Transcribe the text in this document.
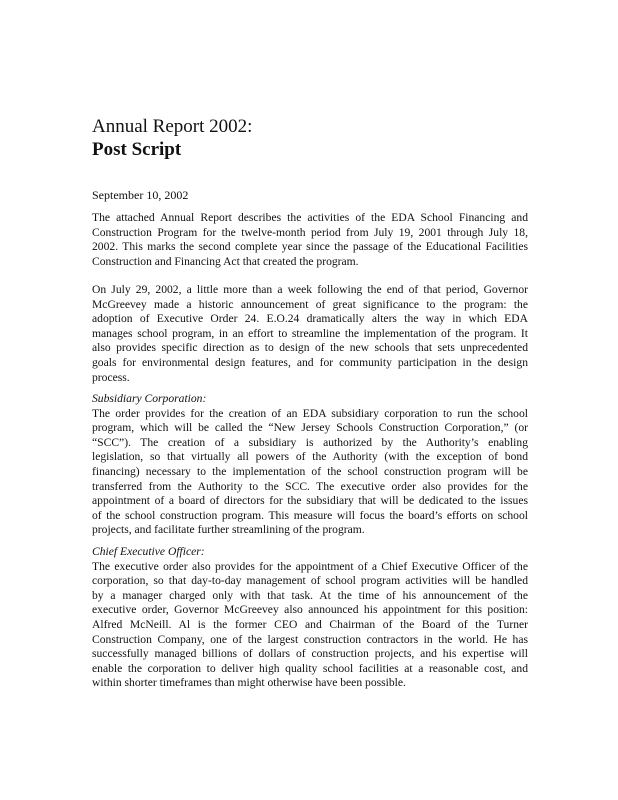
Annual Report 2002:
Post Script
September 10, 2002
The attached Annual Report describes the activities of the EDA School Financing and
Construction Program for the twelve-month period from July 19, 2001 through July 18,
2002. This marks the second complete year since the passage of the Educational Facilities
Construction and Financing Act that created the program.
On July 29, 2002, a little more than a week following the end of that period, Governor
McGreevey made a historic announcement of great significance to the program: the
adoption of Executive Order 24. E.O.24 dramatically alters the way in which EDA
manages school program, in an effort to streamline the implementation of the program. It
also provides specific direction as to design of the new schools that sets unprecedented
goals for environmental design features, and for community participation in the design
process.
Subsidiary Corporation:
The order provides for the creation of an EDA subsidiary corporation to run the school
program, which will be called the “New Jersey Schools Construction Corporation,” (or
“SCC”). The creation of a subsidiary is authorized by the Authority’s enabling
legislation, so that virtually all powers of the Authority (with the exception of bond
financing) necessary to the implementation of the school construction program will be
transferred from the Authority to the SCC. The executive order also provides for the
appointment of a board of directors for the subsidiary that will be dedicated to the issues
of the school construction program. This measure will focus the board’s efforts on school
projects, and facilitate further streamlining of the program.
Chief Executive Officer:
The executive order also provides for the appointment of a Chief Executive Officer of the
corporation, so that day-to-day management of school program activities will be handled
by a manager charged only with that task. At the time of his announcement of the
executive order, Governor McGreevey also announced his appointment for this position:
Alfred McNeill. Al is the former CEO and Chairman of the Board of the Turner
Construction Company, one of the largest construction contractors in the world. He has
successfully managed billions of dollars of construction projects, and his expertise will
enable the corporation to deliver high quality school facilities at a reasonable cost, and
within shorter timeframes than might otherwise have been possible.
